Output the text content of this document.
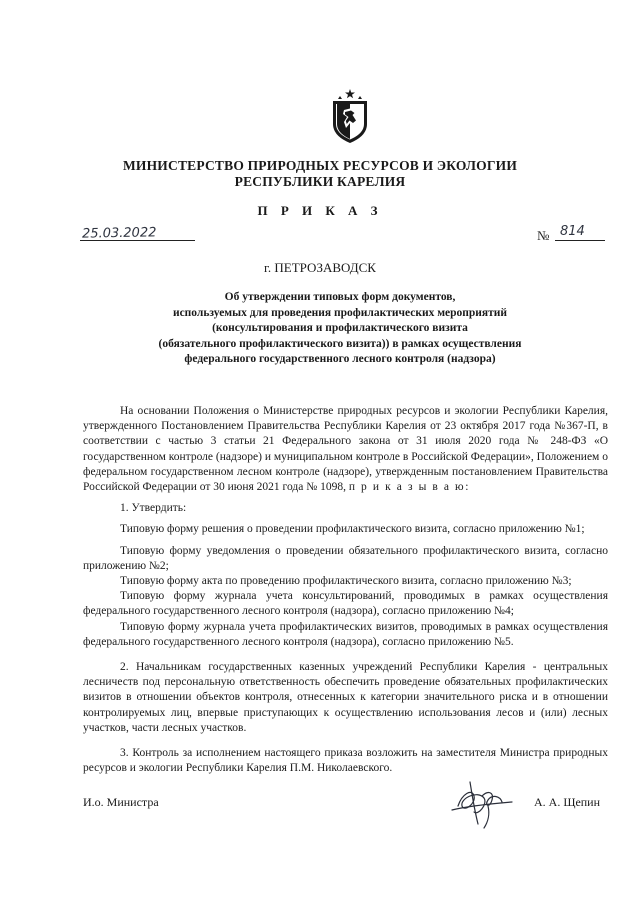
МИНИСТЕРСТВО ПРИРОДНЫХ РЕСУРСОВ И ЭКОЛОГИИ
РЕСПУБЛИКИ КАРЕЛИЯ
П Р И К А З
25.03.2022	№ 814
г. ПЕТРОЗАВОДСК
Об утверждении типовых форм документов,
используемых для проведения профилактических мероприятий
(консультирования и профилактического визита
(обязательного профилактического визита)) в рамках осуществления
федерального государственного лесного контроля (надзора)

На основании Положения о Министерстве природных ресурсов и экологии Республики Карелия, утвержденного Постановлением Правительства Республики Карелия от 23 октября 2017 года №367-П, в соответствии с частью 3 статьи 21 Федерального закона от 31 июля 2020 года № 248-ФЗ «О государственном контроле (надзоре) и муниципальном контроле в Российской Федерации», Положением о федеральном государственном лесном контроле (надзоре), утвержденным постановлением Правительства Российской Федерации от 30 июня 2021 года № 1098, п р и к а з ы в а ю:

1. Утвердить:

Типовую форму решения о проведении профилактического визита, согласно приложению №1;

Типовую форму уведомления о проведении обязательного профилактического визита, согласно приложению №2;

Типовую форму акта по проведению профилактического визита, согласно приложению №3;

Типовую форму журнала учета консультирований, проводимых в рамках осуществления федерального государственного лесного контроля (надзора), согласно приложению №4;

Типовую форму журнала учета профилактических визитов, проводимых в рамках осуществления федерального государственного лесного контроля (надзора), согласно приложению №5.

2. Начальникам государственных казенных учреждений Республики Карелия - центральных лесничеств под персональную ответственность обеспечить проведение обязательных профилактических визитов в отношении объектов контроля, отнесенных к категории значительного риска и в отношении контролируемых лиц, впервые приступающих к осуществлению использования лесов и (или) лесных участков, части лесных участков.

3. Контроль за исполнением настоящего приказа возложить на заместителя Министра природных ресурсов и экологии Республики Карелия П.М. Николаевского.

И.о. Министра	А. А. Щепин
